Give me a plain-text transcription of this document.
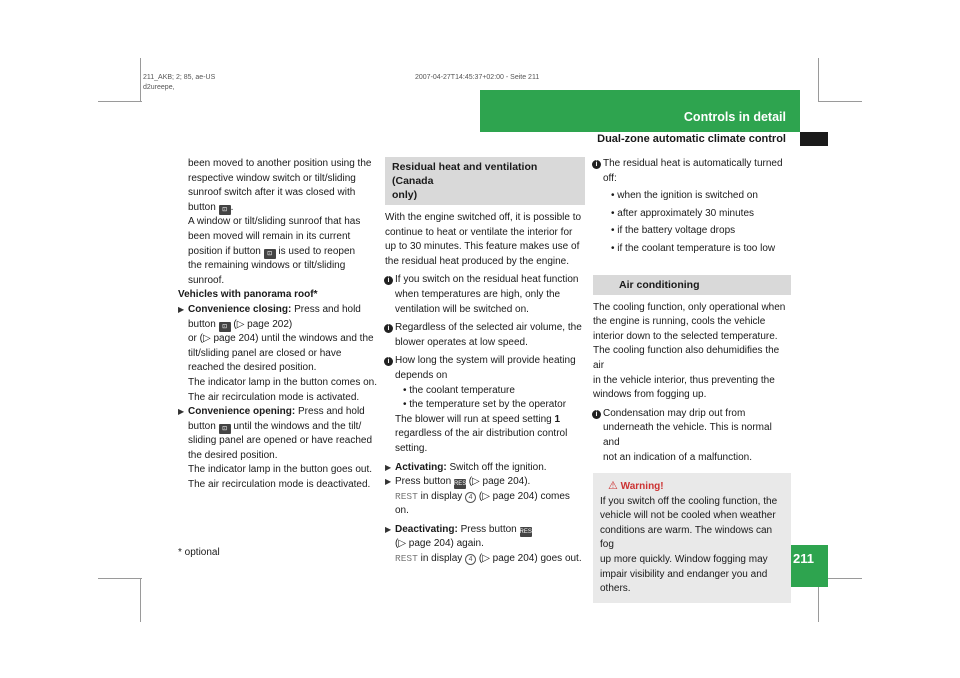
211_AKB; 2; 85, ae-US
d2ureepe,
2007-04-27T14:45:37+02:00 - Seite 211
Controls in detail
Dual-zone automatic climate control
211
* optional

been moved to another position using the

respective window switch or tilt/sliding

sunroof switch after it was closed with

button ⊡ .

A window or tilt/sliding sunroof that has

been moved will remain in its current

position if button ⊡ is used to reopen

the remaining windows or tilt/sliding

sunroof.

Vehicles with panorama roof*

▶ Convenience closing: Press and hold

button ⊡ (▷ page 202)

or (▷ page 204) until the windows and the

tilt/sliding panel are closed or have

reached the desired position.

The indicator lamp in the button comes on.

The air recirculation mode is activated.

▶ Convenience opening: Press and hold

button ⊡ until the windows and the tilt/

sliding panel are opened or have reached

the desired position.

The indicator lamp in the button goes out.

The air recirculation mode is deactivated.

Residual heat and ventilation (Canada
only)

With the engine switched off, it is possible to

continue to heat or ventilate the interior for

up to 30 minutes. This feature makes use of

the residual heat produced by the engine.

i If you switch on the residual heat function

when temperatures are high, only the

ventilation will be switched on.

i Regardless of the selected air volume, the

blower operates at low speed.

i How long the system will provide heating

depends on

• the coolant temperature

• the temperature set by the operator

The blower will run at speed setting 1

regardless of the air distribution control

setting.

▶ Activating: Switch off the ignition.

▶ Press button REST (▷ page 204).

REST in display 4 (▷ page 204) comes on.

▶ Deactivating: Press button REST

(▷ page 204) again.

REST in display 4 (▷ page 204) goes out.

i The residual heat is automatically turned

off:

• when the ignition is switched on

• after approximately 30 minutes

• if the battery voltage drops

• if the coolant temperature is too low

Air conditioning

The cooling function, only operational when

the engine is running, cools the vehicle

interior down to the selected temperature.

The cooling function also dehumidifies the air

in the vehicle interior, thus preventing the

windows from fogging up.

i Condensation may drip out from

underneath the vehicle. This is normal and

not an indication of a malfunction.

⚠ Warning!

If you switch off the cooling function, the

vehicle will not be cooled when weather

conditions are warm. The windows can fog

up more quickly. Window fogging may

impair visibility and endanger you and

others.
